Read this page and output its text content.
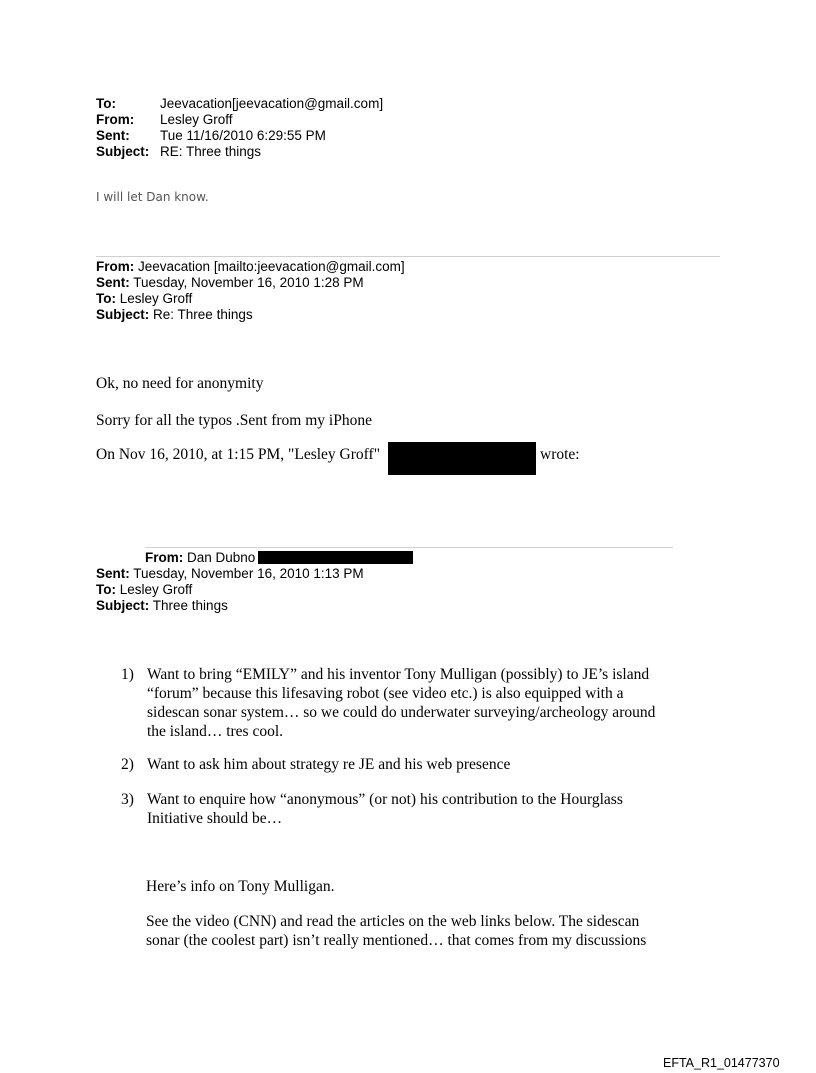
To:	Jeevacation[jeevacation@gmail.com]
From: Lesley Groff
Sent: Tue 11/16/2010 6:29:55 PM
Subject: RE: Three things
I will let Dan know.
From: Jeevacation [mailto:jeevacation@gmail.com]
Sent: Tuesday, November 16, 2010 1:28 PM
To: Lesley Groff
Subject: Re: Three things
Ok, no need for anonymity
Sorry for all the typos .Sent from my iPhone
On Nov 16, 2010, at 1:15 PM, "Lesley Groff"	wrote:
From: Dan Dubno
Sent: Tuesday, November 16, 2010 1:13 PM
To: Lesley Groff
Subject: Three things
1) Want to bring “EMILY” and his inventor Tony Mulligan (possibly) to JE’s island “forum” because this lifesaving robot (see video etc.) is also equipped with a sidescan sonar system… so we could do underwater surveying/archeology around the island… tres cool.
2) Want to ask him about strategy re JE and his web presence
3) Want to enquire how “anonymous” (or not) his contribution to the Hourglass Initiative should be…
Here’s info on Tony Mulligan.
See the video (CNN) and read the articles on the web links below. The sidescan sonar (the coolest part) isn’t really mentioned… that comes from my discussions
EFTA_R1_01477370
